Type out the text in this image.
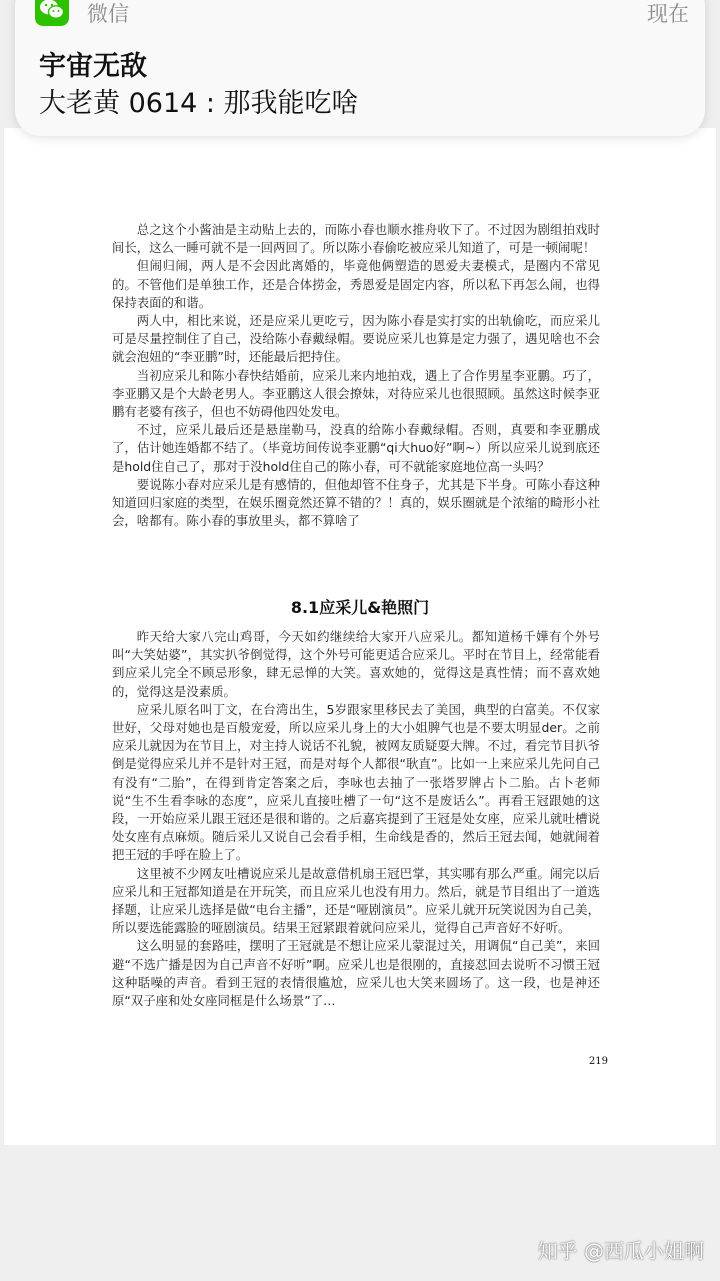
总之这个小酱油是主动贴上去的，而陈小春也顺水推舟收下了。不过因为剧组拍戏时间长，这么一睡可就不是一回两回了。所以陈小春偷吃被应采儿知道了，可是一顿闹呢！

但闹归闹，两人是不会因此离婚的，毕竟他俩塑造的恩爱夫妻模式，是圈内不常见的。不管他们是单独工作，还是合体捞金，秀恩爱是固定内容，所以私下再怎么闹，也得保持表面的和谐。

两人中，相比来说，还是应采儿更吃亏，因为陈小春是实打实的出轨偷吃，而应采儿可是尽量控制住了自己，没给陈小春戴绿帽。要说应采儿也算是定力强了，遇见啥也不会就会泡妞的“李亚鹏”时，还能最后把持住。

当初应采儿和陈小春快结婚前，应采儿来内地拍戏，遇上了合作男星李亚鹏。巧了，李亚鹏又是个大龄老男人。李亚鹏这人很会撩妹，对待应采儿也很照顾。虽然这时候李亚鹏有老婆有孩子，但也不妨碍他四处发电。

不过，应采儿最后还是悬崖勒马，没真的给陈小春戴绿帽。否则，真要和李亚鹏成了，估计她连婚都不结了。（毕竟坊间传说李亚鹏“qi大huo好”啊~）所以应采儿说到底还是hold住自己了，那对于没hold住自己的陈小春，可不就能家庭地位高一头吗？

要说陈小春对应采儿是有感情的，但他却管不住身子，尤其是下半身。可陈小春这种知道回归家庭的类型，在娱乐圈竟然还算不错的？！真的，娱乐圈就是个浓缩的畸形小社会，啥都有。陈小春的事放里头，都不算啥了

8.1应采儿&艳照门

昨天给大家八完山鸡哥，今天如约继续给大家开八应采儿。都知道杨千嬅有个外号叫“大笑姑婆”，其实扒爷倒觉得，这个外号可能更适合应采儿。平时在节目上，经常能看到应采儿完全不顾忌形象，肆无忌惮的大笑。喜欢她的，觉得这是真性情；而不喜欢她的，觉得这是没素质。

应采儿原名叫丁文，在台湾出生，5岁跟家里移民去了美国，典型的白富美。不仅家世好，父母对她也是百般宠爱，所以应采儿身上的大小姐脾气也是不要太明显der。之前应采儿就因为在节目上，对主持人说话不礼貌，被网友质疑耍大牌。不过，看完节目扒爷倒是觉得应采儿并不是针对王冠，而是对每个人都很“耿直”。比如一上来应采儿先问自己有没有“二胎”，在得到肯定答案之后，李咏也去抽了一张塔罗牌占卜二胎。占卜老师说“生不生看李咏的态度”，应采儿直接吐槽了一句“这不是废话么”。再看王冠跟她的这段，一开始应采儿跟王冠还是很和谐的。之后嘉宾提到了王冠是处女座，应采儿就吐槽说处女座有点麻烦。随后采儿又说自己会看手相，生命线是香的，然后王冠去闻，她就闹着把王冠的手呼在脸上了。

这里被不少网友吐槽说应采儿是故意借机扇王冠巴掌，其实哪有那么严重。闹完以后应采儿和王冠都知道是在开玩笑，而且应采儿也没有用力。然后，就是节目组出了一道选择题，让应采儿选择是做“电台主播”，还是“哑剧演员”。应采儿就开玩笑说因为自己美，所以要选能露脸的哑剧演员。结果王冠紧跟着就问应采儿，觉得自己声音好不好听。

这么明显的套路哇，摆明了王冠就是不想让应采儿蒙混过关，用调侃“自己美”，来回避“不选广播是因为自己声音不好听”啊。应采儿也是很刚的，直接怼回去说听不习惯王冠这种聒噪的声音。看到王冠的表情很尴尬，应采儿也大笑来圆场了。这一段，也是神还原“双子座和处女座同框是什么场景”了…

219
微信	现在
宇宙无敌
大老黄 0614 : 那我能吃啥
知乎 @西瓜小姐啊
